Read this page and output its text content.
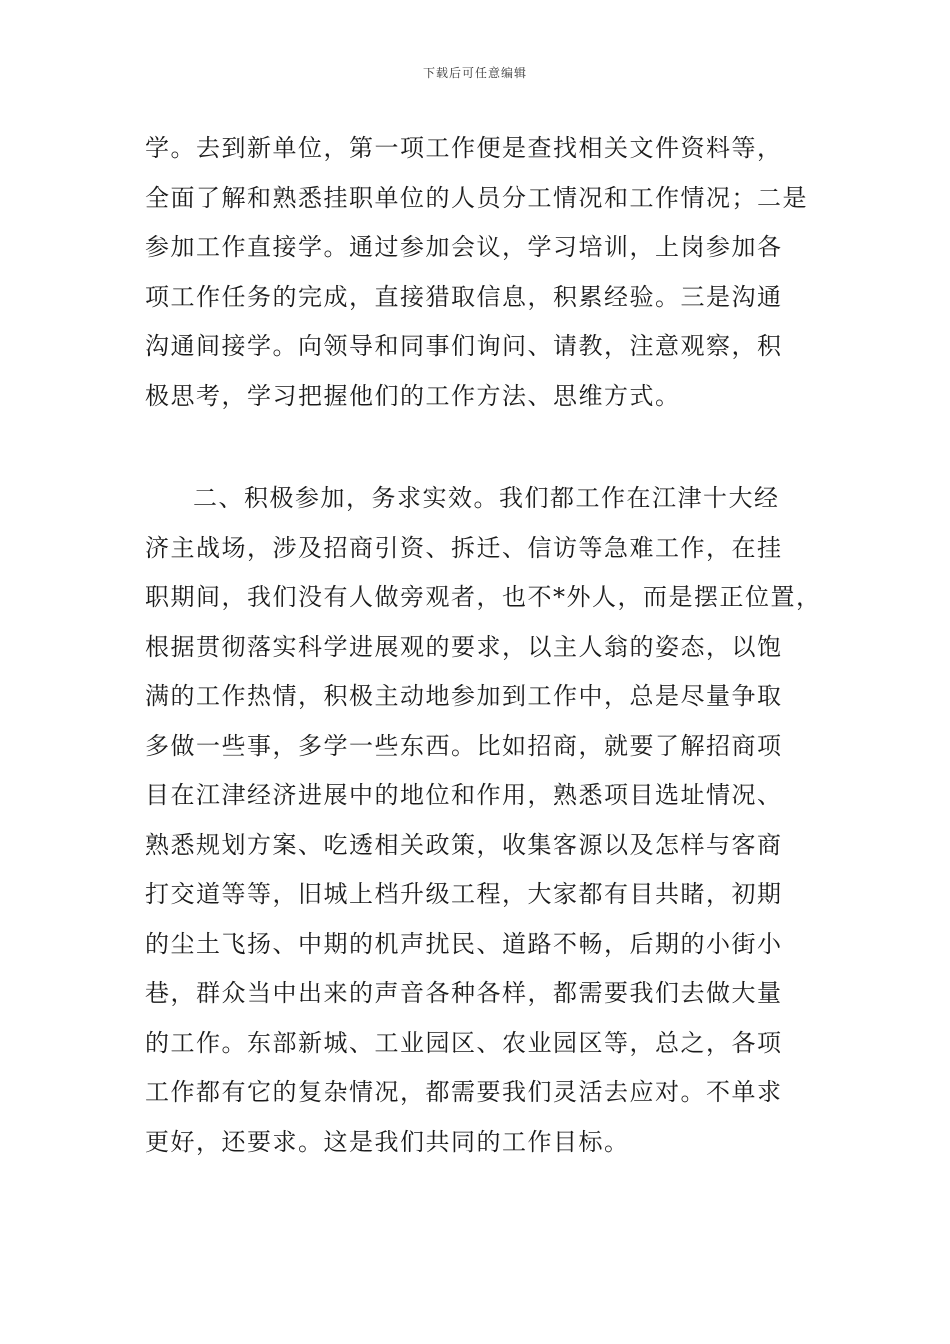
下载后可任意编辑
学。去到新单位，第一项工作便是查找相关文件资料等，
全面了解和熟悉挂职单位的人员分工情况和工作情况；二是
参加工作直接学。通过参加会议，学习培训，上岗参加各
项工作任务的完成，直接猎取信息，积累经验。三是沟通
沟通间接学。向领导和同事们询问、请教，注意观察，积
极思考，学习把握他们的工作方法、思维方式。
二、积极参加，务求实效。我们都工作在江津十大经
济主战场，涉及招商引资、拆迁、信访等急难工作，在挂
职期间，我们没有人做旁观者，也不*外人，而是摆正位置，
根据贯彻落实科学进展观的要求，以主人翁的姿态，以饱
满的工作热情，积极主动地参加到工作中，总是尽量争取
多做一些事，多学一些东西。比如招商，就要了解招商项
目在江津经济进展中的地位和作用，熟悉项目选址情况、
熟悉规划方案、吃透相关政策，收集客源以及怎样与客商
打交道等等，旧城上档升级工程，大家都有目共睹，初期
的尘土飞扬、中期的机声扰民、道路不畅，后期的小街小
巷，群众当中出来的声音各种各样，都需要我们去做大量
的工作。东部新城、工业园区、农业园区等，总之，各项
工作都有它的复杂情况，都需要我们灵活去应对。不单求
更好，还要求。这是我们共同的工作目标。
